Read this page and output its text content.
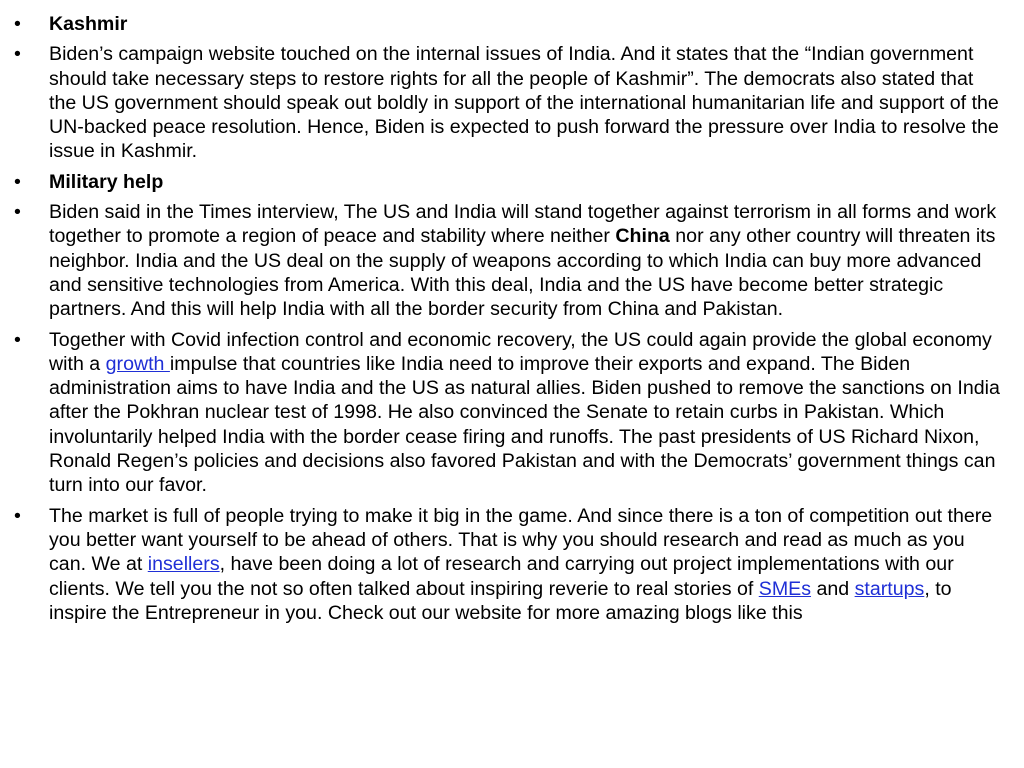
• Kashmir
• Biden’s campaign website touched on the internal issues of India. And it states that the “Indian government should take necessary steps to restore rights for all the people of Kashmir”. The democrats also stated that the US government should speak out boldly in support of the international humanitarian life and support of the UN-backed peace resolution. Hence, Biden is expected to push forward the pressure over India to resolve the issue in Kashmir.
• Military help
• Biden said in the Times interview, The US and India will stand together against terrorism in all forms and work together to promote a region of peace and stability where neither China nor any other country will threaten its neighbor. India and the US deal on the supply of weapons according to which India can buy more advanced and sensitive technologies from America. With this deal, India and the US have become better strategic partners. And this will help India with all the border security from China and Pakistan.
• Together with Covid infection control and economic recovery, the US could again provide the global economy with a growth impulse that countries like India need to improve their exports and expand. The Biden administration aims to have India and the US as natural allies. Biden pushed to remove the sanctions on India after the Pokhran nuclear test of 1998. He also convinced the Senate to retain curbs in Pakistan. Which involuntarily helped India with the border cease firing and runoffs. The past presidents of US Richard Nixon, Ronald Regen’s policies and decisions also favored Pakistan and with the Democrats’ government things can turn into our favor.
• The market is full of people trying to make it big in the game. And since there is a ton of competition out there you better want yourself to be ahead of others. That is why you should research and read as much as you can. We at insellers, have been doing a lot of research and carrying out project implementations with our clients. We tell you the not so often talked about inspiring reverie to real stories of SMEs and startups, to inspire the Entrepreneur in you. Check out our website for more amazing blogs like this
